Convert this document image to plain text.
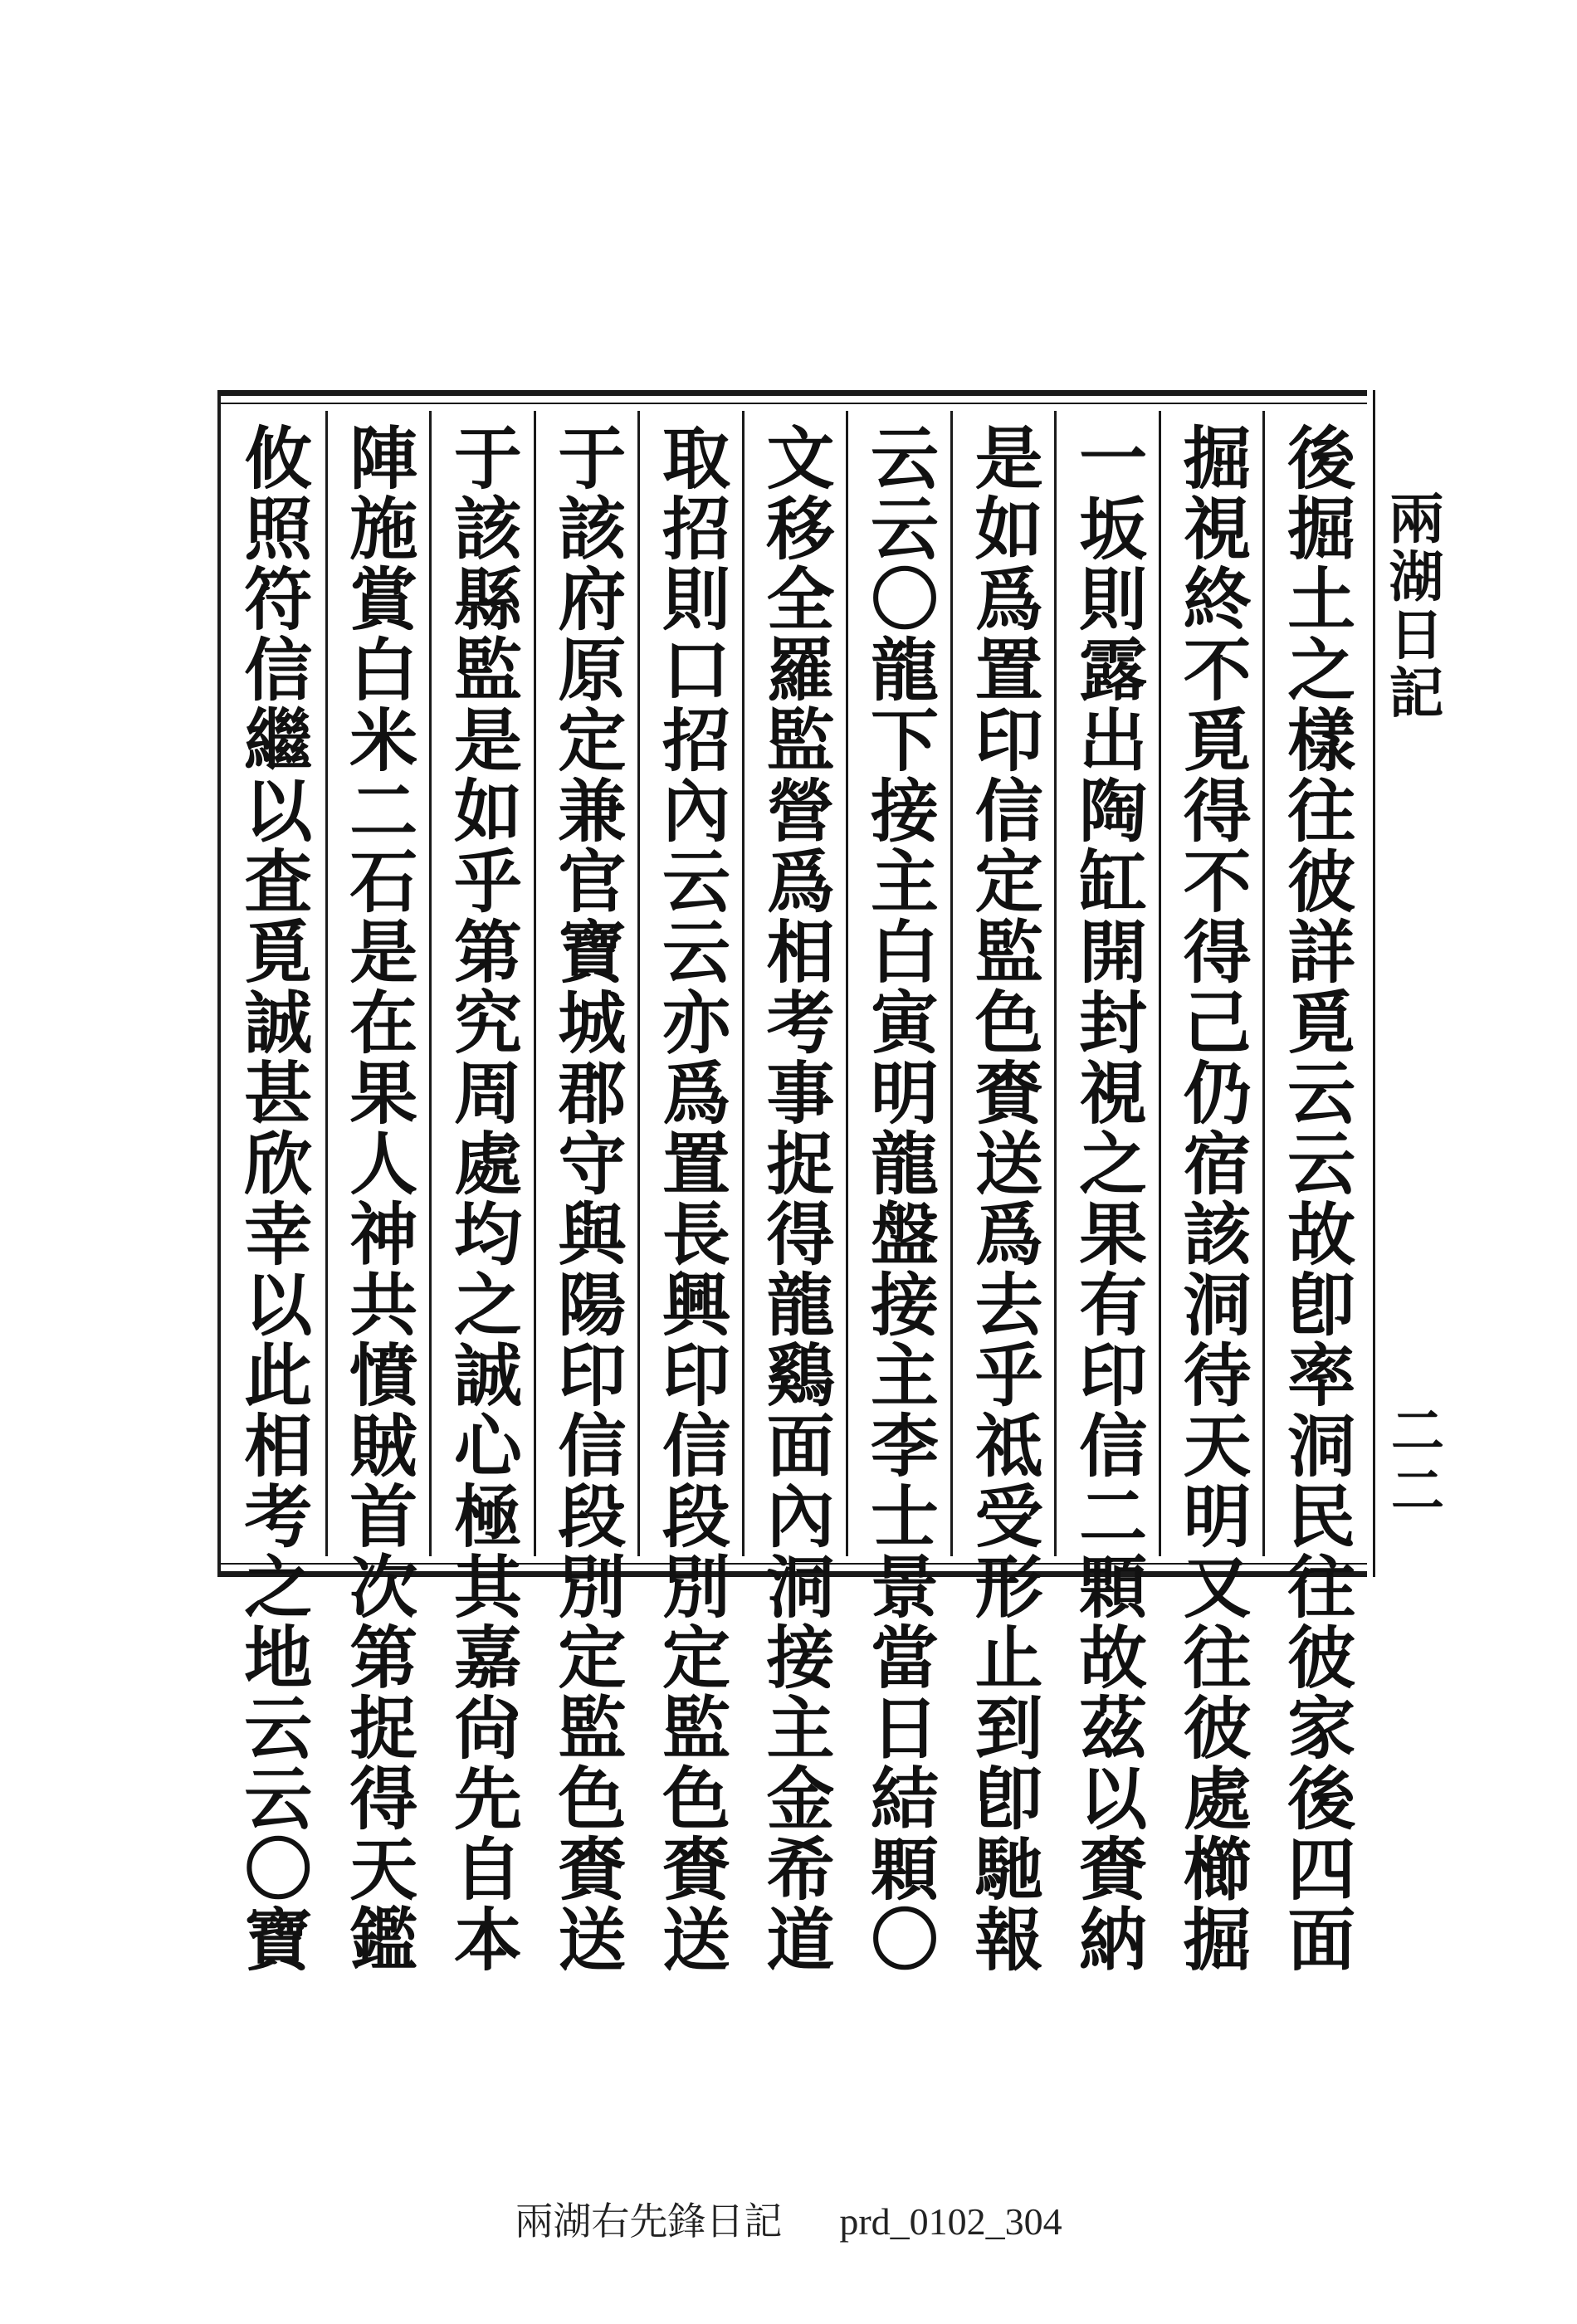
後掘土之樣往彼詳覓云云故卽率洞民往彼家後四面
掘視終不覓得不得己仍宿該洞待天明又往彼處櫛掘
一坂則露出陶缸開封視之果有印信二顆故茲以賚納
是如爲置印信定監色賚送爲去乎祗受形止到卽馳報
云云〇龍下接主白寅明龍盤接主李士景當日結顆〇
文移全羅監營爲相考事捉得龍鷄面內洞接主金希道
取招則口招內云云亦爲置長興印信段別定監色賚送
于該府原定兼官寶城郡守與陽印信段別定監色賚送
于該縣監是如乎第究周處均之誠心極其嘉尙先自本
陣施賞白米二石是在果人神共憤賊首次第捉得天鑑
攸照符信繼以査覓誠甚欣幸以此相考之地云云〇寶	兩湖日記
二二
兩湖右先鋒日記 prd_0102_304
